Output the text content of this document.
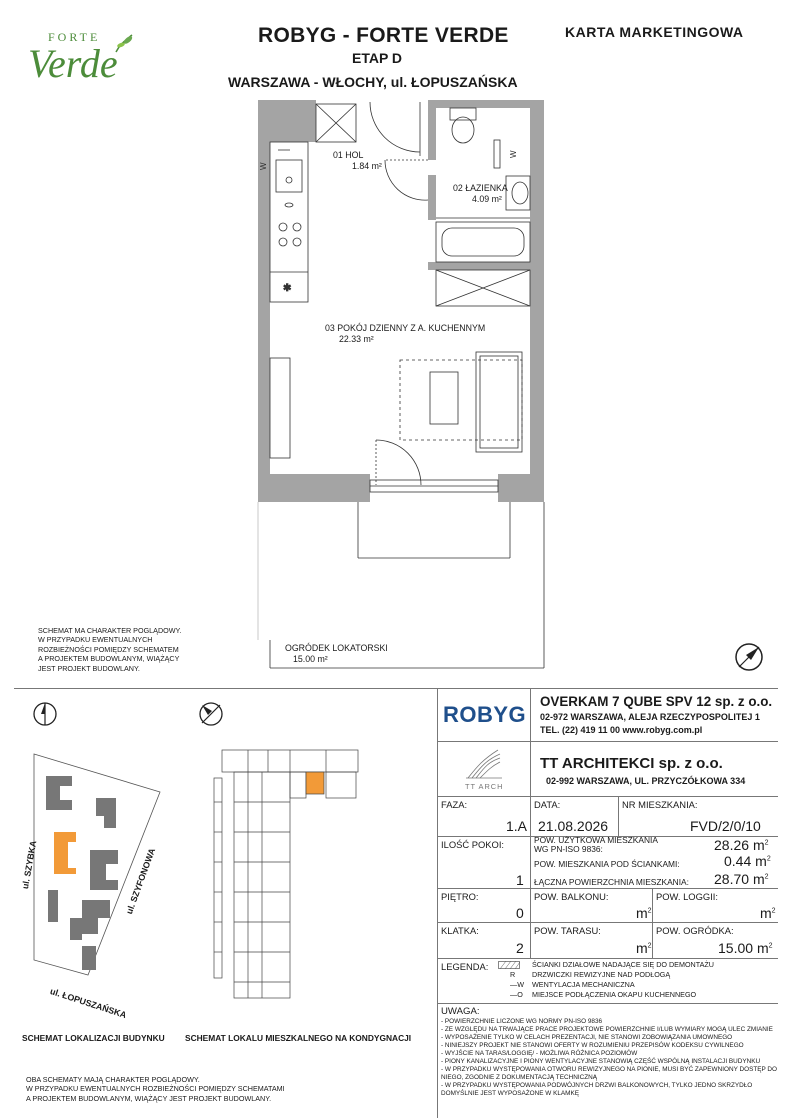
FORTE
Verde
ROBYG - FORTE VERDE
ETAP D
WARSZAWA - WŁOCHY, ul. ŁOPUSZAŃSKA
KARTA MARKETINGOWA
✱
W
W
01 HOL
1.84 m²
02 ŁAZIENKA
4.09 m²
03 POKÓJ DZIENNY Z A. KUCHENNYM
22.33 m²
OGRÓDEK LOKATORSKI
15.00 m²
SCHEMAT MA CHARAKTER POGLĄDOWY.
W PRZYPADKU EWENTUALNYCH
ROZBIEŻNOŚCI POMIĘDZY SCHEMATEM
A PROJEKTEM BUDOWLANYM, WIĄŻĄCY
JEST PROJEKT BUDOWLANY.
ul. SZYBKA	ul. SZYFONOWA
ul. ŁOPUSZAŃSKA
SCHEMAT LOKALIZACJI BUDYNKU SCHEMAT LOKALU MIESZKALNEGO NA KONDYGNACJI
OBA SCHEMATY MAJĄ CHARAKTER POGLĄDOWY.
W PRZYPADKU EWENTUALNYCH ROZBIEŻNOŚCI POMIĘDZY SCHEMATAMI
A PROJEKTEM BUDOWLANYM, WIĄŻĄCY JEST PROJEKT BUDOWLANY.
ROBYG
OVERKAM 7 QUBE SPV 12 sp. z o.o.
02-972 WARSZAWA, ALEJA RZECZYPOSPOLITEJ 1
TEL. (22) 419 11 00 www.robyg.com.pl
TT ARCH
TT ARCHITEKCI sp. z o.o.
02-992 WARSZAWA, UL. PRZYCZÓŁKOWA 334
FAZA:
1.A
DATA:
21.08.2026
NR MIESZKANIA:
FVD/2/0/10
ILOŚĆ POKOI:
1
POW. UŻYTKOWA MIESZKANIA
WG PN-ISO 9836:	28.26 $m^2$
POW. MIESZKANIA POD ŚCIANKAMI:	0.44 $m^2$
ŁĄCZNA POWIERZCHNIA MIESZKANIA: 28.70 $m^2$
PIĘTRO:
0
POW. BALKONU:
$m^2$
POW. LOGGII:
$m^2$
KLATKA:
2
POW. TARASU:
$m^2$
POW. OGRÓDKA:
15.00 $m^2$
LEGENDA:	ŚCIANKI DZIAŁOWE NADAJĄCE SIĘ DO DEMONTAŻU
R DRZWICZKI REWIZYJNE NAD PODŁOGĄ
—W WENTYLACJA MECHANICZNA
—O MIEJSCE PODŁĄCZENIA OKAPU KUCHENNEGO
UWAGA:
- POWIERZCHNIE LICZONE WG NORMY PN-ISO 9836
- ZE WZGLĘDU NA TRWAJĄCE PRACE PROJEKTOWE POWIERZCHNIE I/LUB WYMIARY MOGĄ ULEC ZMIANIE
- WYPOSAŻENIE TYLKO W CELACH PREZENTACJI, NIE STANOWI ZOBOWIĄZANIA UMOWNEGO
- NINIEJSZY PROJEKT NIE STANOWI OFERTY W ROZUMIENIU PRZEPISÓW KODEKSU CYWILNEGO
- WYJŚCIE NA TARAS/LOGGIĘ/ - MOŻLIWA RÓŻNICA POZIOMÓW
- PIONY KANALIZACYJNE I PIONY WENTYLACYJNE STANOWIĄ CZĘŚĆ WSPÓLNĄ INSTALACJI BUDYNKU
- W PRZYPADKU WYSTĘPOWANIA OTWORU REWIZYJNEGO NA PIONIE, MUSI BYĆ ZAPEWNIONY DOSTĘP DO NIEGO, ZGODNIE Z DOKUMENTACJĄ TECHNICZNĄ
- W PRZYPADKU WYSTĘPOWANIA PODWÓJNYCH DRZWI BALKONOWYCH, TYLKO JEDNO SKRZYDŁO DOMYŚLNIE JEST WYPOSAŻONE W KLAMKĘ
